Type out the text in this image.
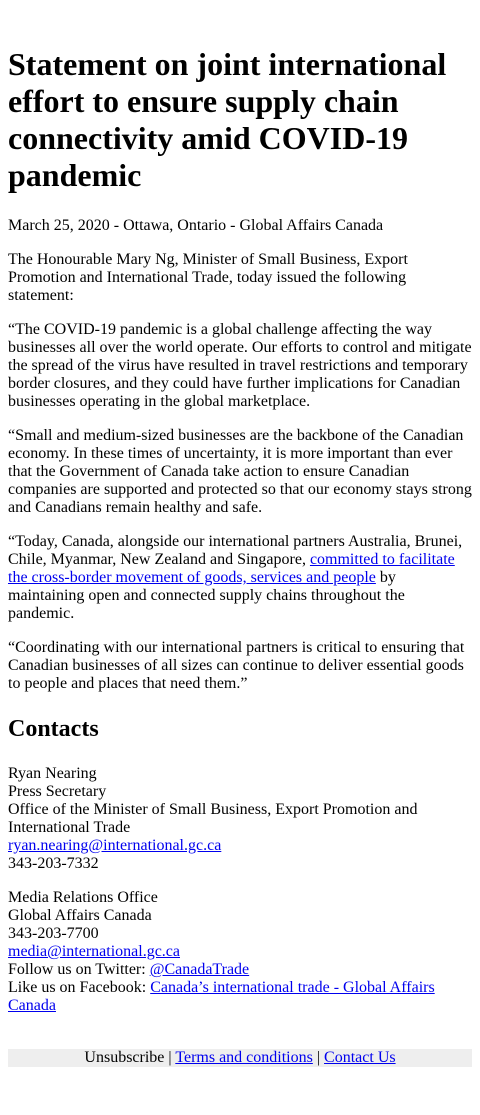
Statement on joint international effort to ensure supply chain connectivity amid COVID-19 pandemic

March 25, 2020 - Ottawa, Ontario - Global Affairs Canada

The Honourable Mary Ng, Minister of Small Business, Export Promotion and International Trade, today issued the following statement:

“The COVID-19 pandemic is a global challenge affecting the way businesses all over the world operate. Our efforts to control and mitigate the spread of the virus have resulted in travel restrictions and temporary border closures, and they could have further implications for Canadian businesses operating in the global marketplace.

“Small and medium-sized businesses are the backbone of the Canadian economy. In these times of uncertainty, it is more important than ever that the Government of Canada take action to ensure Canadian companies are supported and protected so that our economy stays strong and Canadians remain healthy and safe.

“Today, Canada, alongside our international partners Australia, Brunei, Chile, Myanmar, New Zealand and Singapore, committed to facilitate the cross-border movement of goods, services and people by maintaining open and connected supply chains throughout the pandemic.

“Coordinating with our international partners is critical to ensuring that Canadian businesses of all sizes can continue to deliver essential goods to people and places that need them.”

Contacts
Ryan Nearing
Press Secretary
Office of the Minister of Small Business, Export Promotion and International Trade
ryan.nearing@international.gc.ca
343-203-7332
Media Relations Office
Global Affairs Canada
343-203-7700
media@international.gc.ca
Follow us on Twitter: @CanadaTrade
Like us on Facebook: Canada’s international trade - Global Affairs Canada
Unsubscribe | Terms and conditions | Contact Us
